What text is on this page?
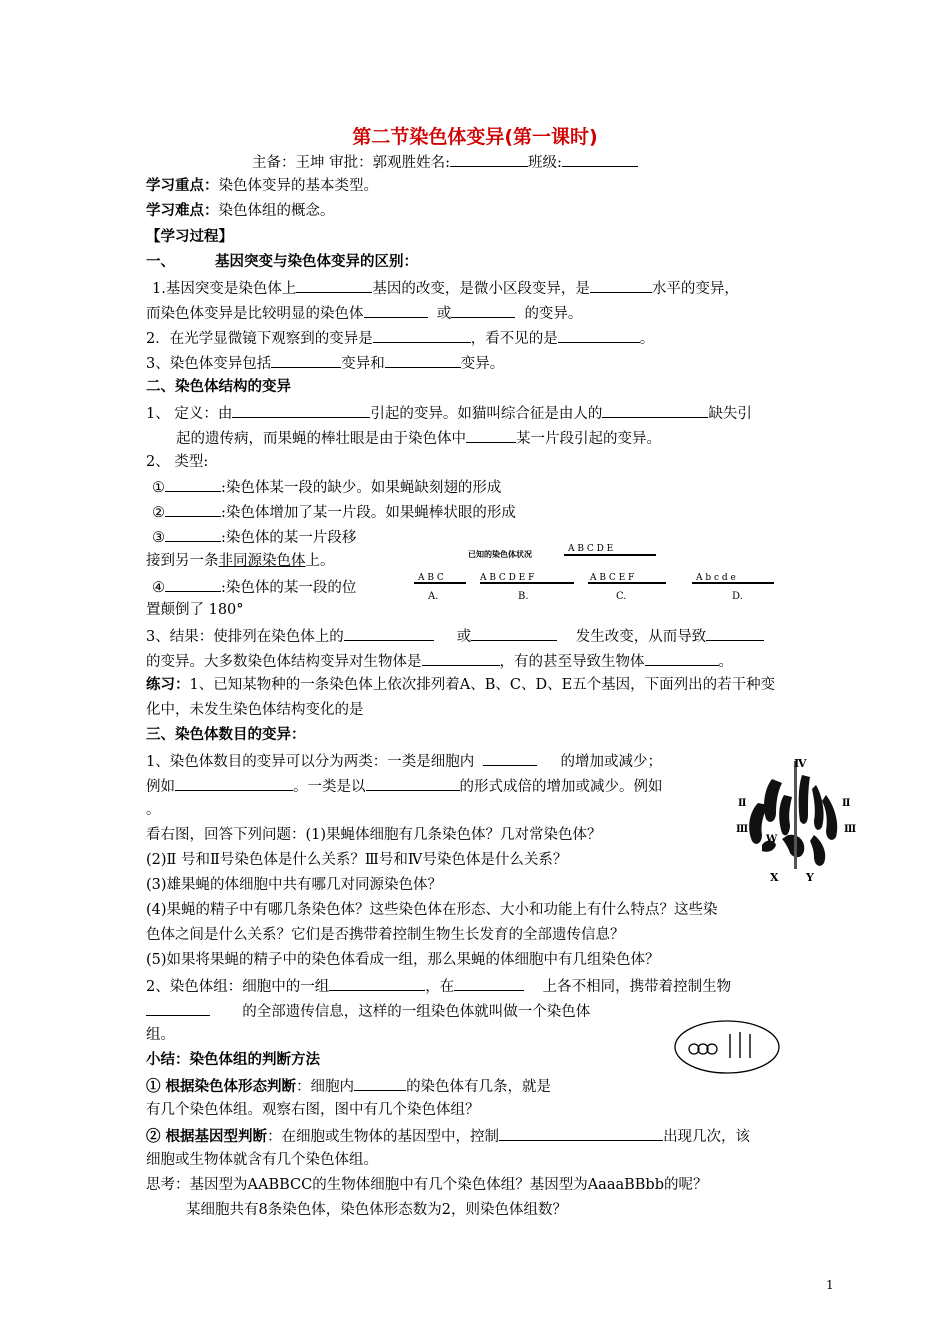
第二节染色体变异(第一课时)
主备：王坤 审批：郭观胜姓名:	班级:
学习重点：染色体变异的基本类型。
学习难点：染色体组的概念。
【学习过程】
一、	基因突变与染色体变异的区别：
1.基因突变是染色体上	基因的改变，是微小区段变异，是	水平的变异，
而染色体变异是比较明显的染色体	或	的变异。
2．在光学显微镜下观察到的变异是	，看不见的是	。
3、染色体变异包括	变异和	变异。
二、染色体结构的变异
1、 定义：由	引起的变异。如猫叫综合征是由人的	缺失引
起的遗传病，而果蝇的棒壮眼是由于染色体中	某一片段引起的变异。
2、 类型:
①	:染色体某一段的缺少。如果蝇缺刻翅的形成
②	:染色体增加了某一片段。如果蝇棒状眼的形成
③	:染色体的某一片段移
接到另一条非同源染色体上。
④	:染色体的某一段的位
置颠倒了 180°
已知的染色体状况
A B C D E
A B C	A B C D E F	A B C E F	A b c d e
A.	B.	C.	D.
3、结果：使排列在染色体上的	或	发生改变，从而导致
的变异。大多数染色体结构变异对生物体是	，有的甚至导致生物体	。
练习：1、已知某物种的一条染色体上依次排列着A、B、C、D、E五个基因，下面列出的若干种变
化中，未发生染色体结构变化的是
三、染色体数目的变异：
1、染色体数目的变异可以分为两类：一类是细胞内	的增加或减少；
例如	。一类是以	的形式成倍的增加或减少。例如
。
看右图，回答下列问题：(1)果蝇体细胞有几条染色体？几对常染色体？
(2)Ⅱ 号和Ⅱ号染色体是什么关系？Ⅲ号和Ⅳ号染色体是什么关系？
(3)雄果蝇的体细胞中共有哪几对同源染色体？
(4)果蝇的精子中有哪几条染色体？这些染色体在形态、大小和功能上有什么特点？这些染
色体之间是什么关系？它们是否携带着控制生物生长发育的全部遗传信息？
(5)如果将果蝇的精子中的染色体看成一组，那么果蝇的体细胞中有几组染色体？
2、染色体组：细胞中的一组	，在	上各不相同，携带着控制生物
的全部遗传信息，这样的一组染色体就叫做一个染色体
组。
Ⅳ
Ⅱ
Ⅲ
Ⅱ
Ⅲ
W
X Y
小结：染色体组的判断方法
① 根据染色体形态判断：细胞内	的染色体有几条，就是
有几个染色体组。观察右图，图中有几个染色体组？
② 根据基因型判断：在细胞或生物体的基因型中，控制	出现几次，该
细胞或生物体就含有几个染色体组。
思考：基因型为AABBCC的生物体细胞中有几个染色体组？基因型为AaaaBBbb的呢？
某细胞共有8条染色体，染色体形态数为2，则染色体组数？
1
